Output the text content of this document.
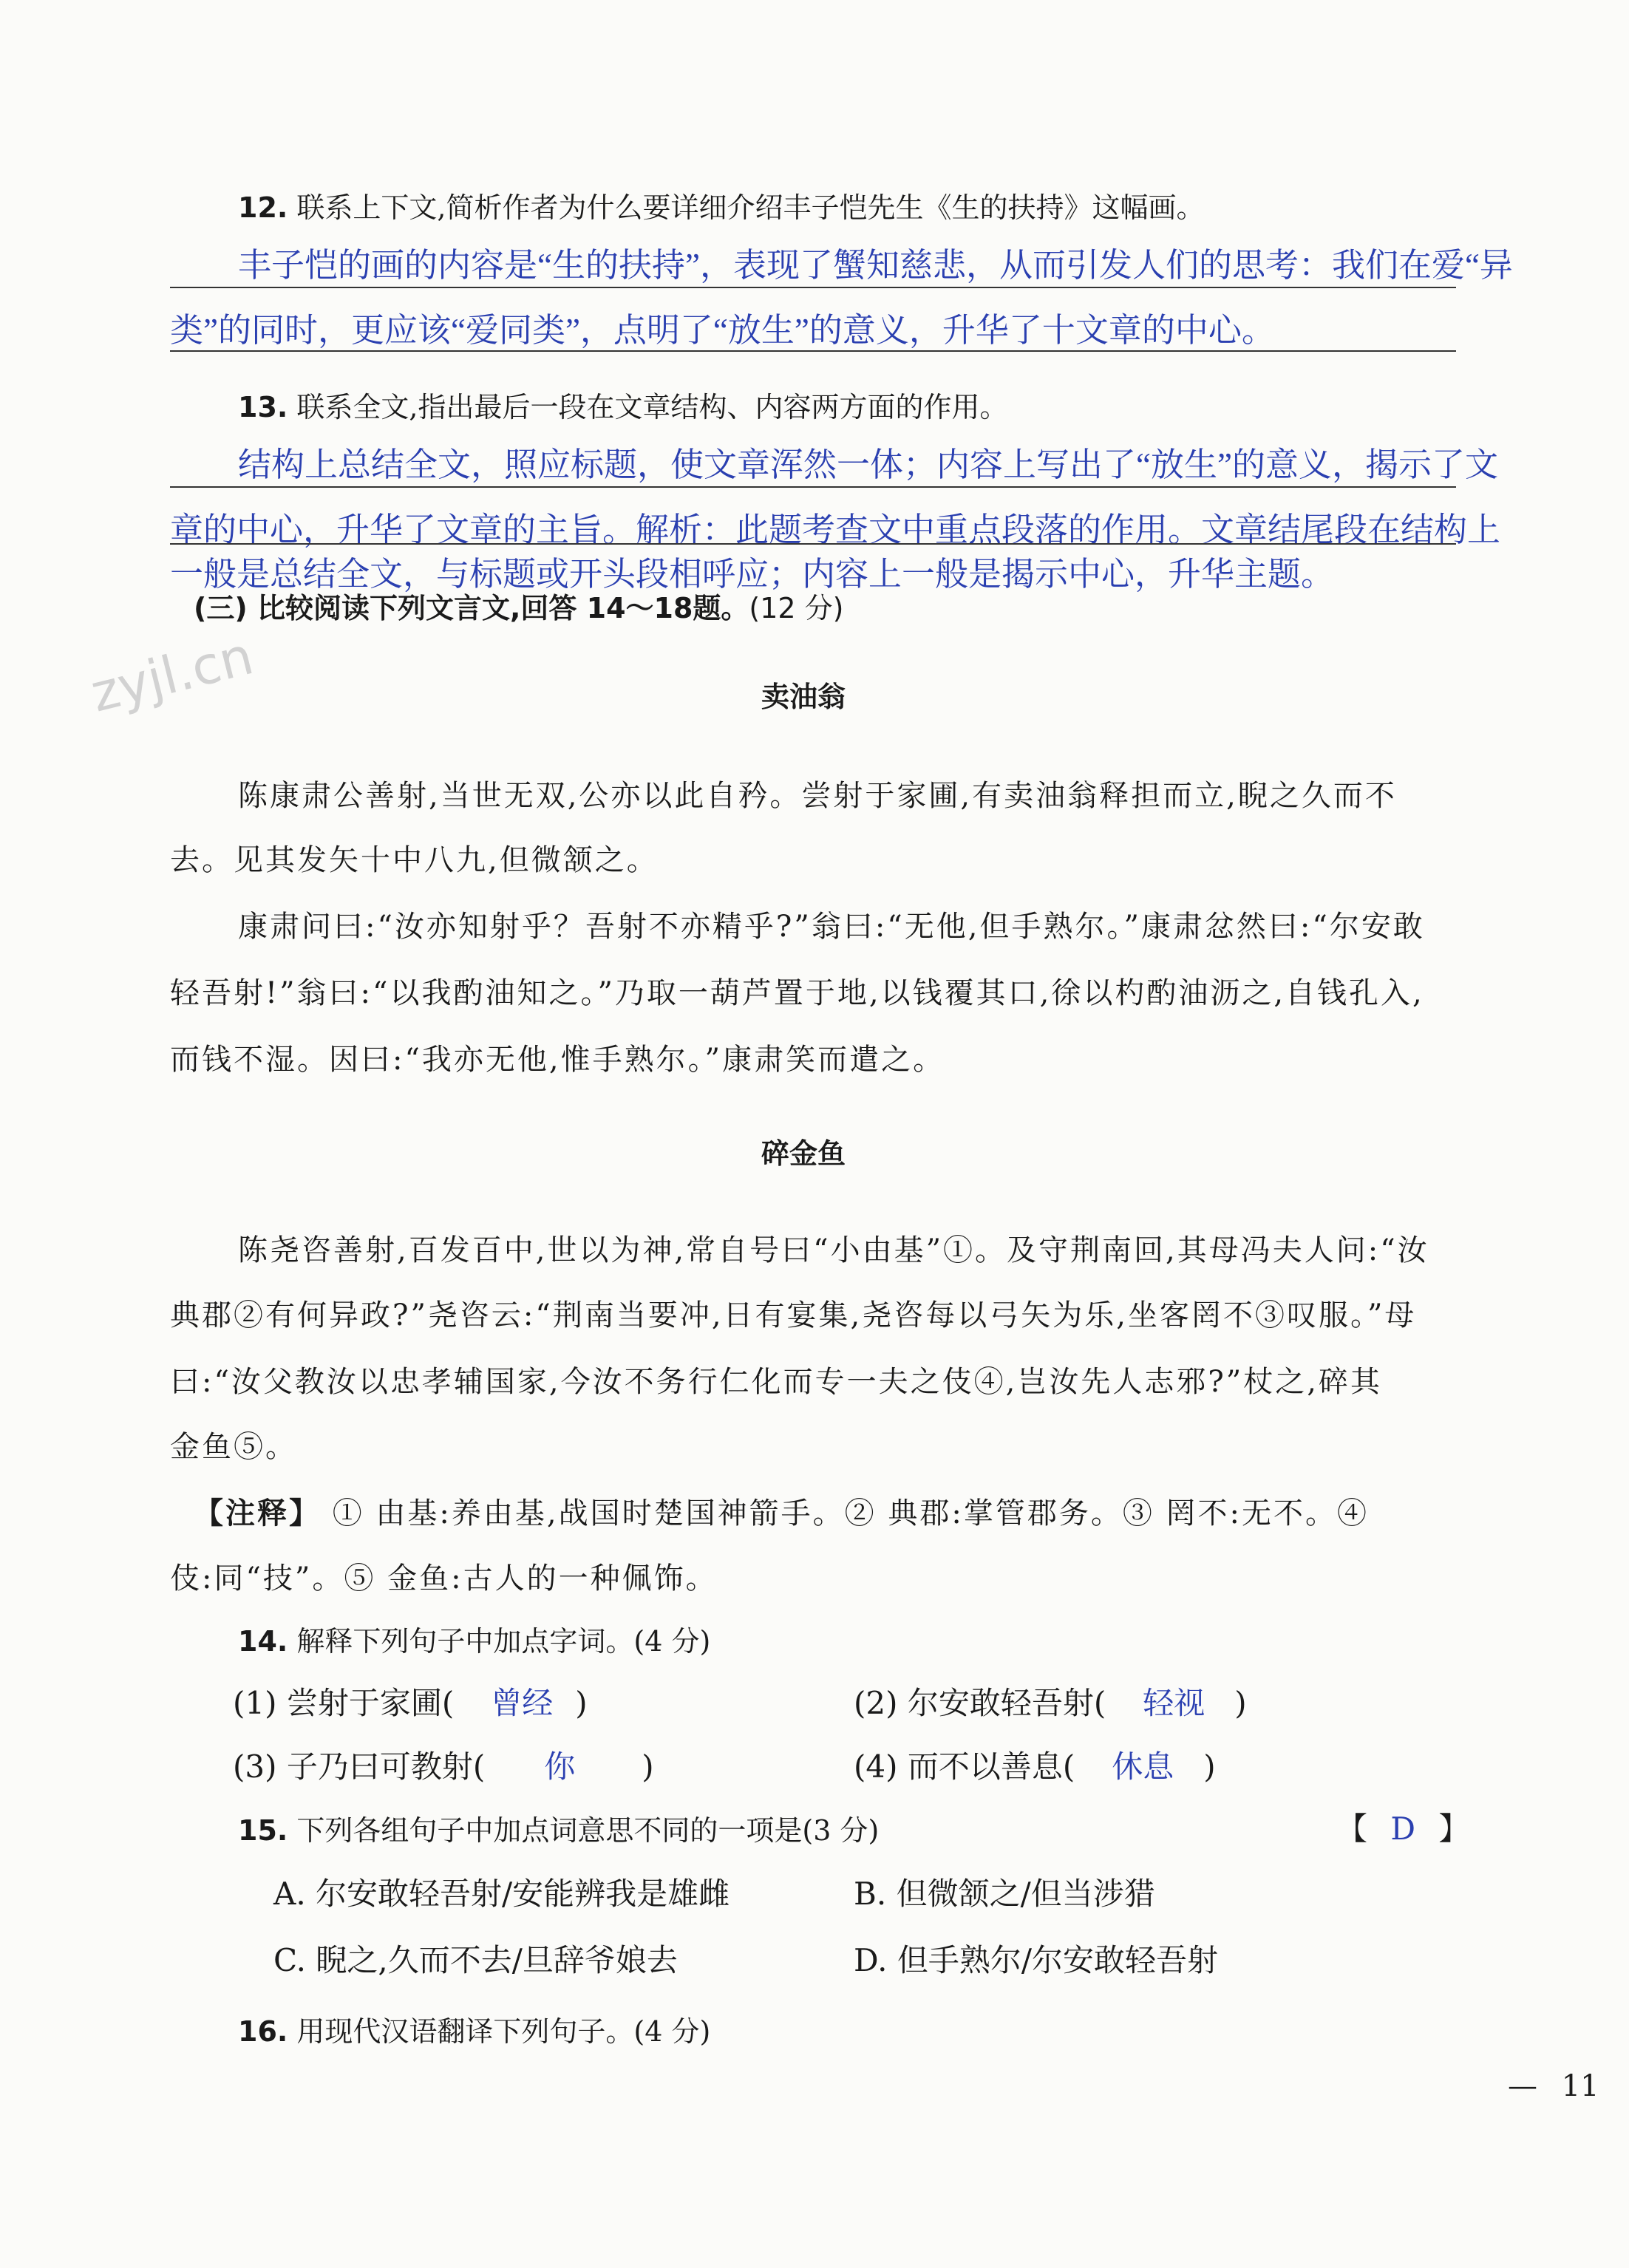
12. 联系上下文,简析作者为什么要详细介绍丰子恺先生《生的扶持》这幅画。
丰子恺的画的内容是“生的扶持”，表现了蟹知慈悲，从而引发人们的思考：我们在爱“异
类”的同时，更应该“爱同类”，点明了“放生”的意义，升华了十文章的中心。
13. 联系全文,指出最后一段在文章结构、内容两方面的作用。
结构上总结全文，照应标题，使文章浑然一体；内容上写出了“放生”的意义，揭示了文
章的中心，升华了文章的主旨。解析：此题考查文中重点段落的作用。文章结尾段在结构上
一般是总结全文，与标题或开头段相呼应；内容上一般是揭示中心，升华主题。
(三) 比较阅读下列文言文,回答 14～18题。(12 分)
zyjl.cn	卖油翁
陈康肃公善射,当世无双,公亦以此自矜。尝射于家圃,有卖油翁释担而立,睨之久而不
去。见其发矢十中八九,但微颔之。
康肃问曰:“汝亦知射乎？吾射不亦精乎?”翁曰:“无他,但手熟尔。”康肃忿然曰:“尔安敢
轻吾射!”翁曰:“以我酌油知之。”乃取一葫芦置于地,以钱覆其口,徐以杓酌油沥之,自钱孔入,
而钱不湿。因曰:“我亦无他,惟手熟尔。”康肃笑而遣之。
碎金鱼
陈尧咨善射,百发百中,世以为神,常自号曰“小由基”①。及守荆南回,其母冯夫人问:“汝
典郡②有何异政?”尧咨云:“荆南当要冲,日有宴集,尧咨每以弓矢为乐,坐客罔不③叹服。”母
曰:“汝父教汝以忠孝辅国家,今汝不务行仁化而专一夫之伎④,岂汝先人志邪?”杖之,碎其
金鱼⑤。
【注释】 ① 由基:养由基,战国时楚国神箭手。② 典郡:掌管郡务。③ 罔不:无不。④
伎:同“技”。⑤ 金鱼:古人的一种佩饰。
14. 解释下列句子中加点字词。(4 分)
(1) 尝射于家圃( 曾经 )	(2) 尔安敢轻吾射( 轻视 )
(3) 子乃曰可教射( 你 )	(4) 而不以善息( 休息 )
15. 下列各组句子中加点词意思不同的一项是(3 分)	【 D 】
A. 尔安敢轻吾射/安能辨我是雄雌	B. 但微颔之/但当涉猎
C. 睨之,久而不去/旦辞爷娘去	D. 但手熟尔/尔安敢轻吾射
16. 用现代汉语翻译下列句子。(4 分)
— 11
